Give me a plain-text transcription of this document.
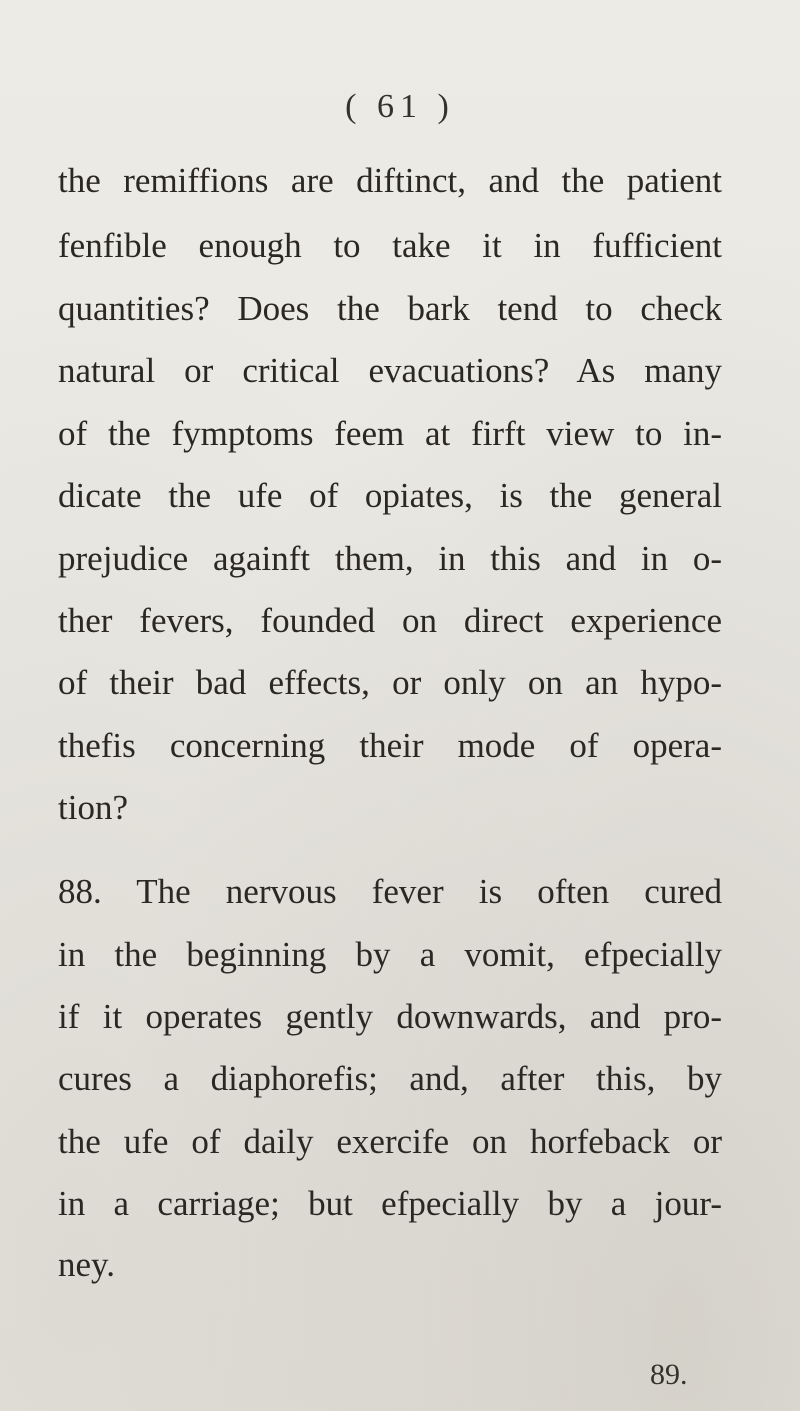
( 61 )
the remiffions are diftinct, and the patient
fenfible enough to take it in fufficient
quantities? Does the bark tend to check
natural or critical evacuations? As many
of the fymptoms feem at firft view to in-
dicate the ufe of opiates, is the general
prejudice againft them, in this and in o-
ther fevers, founded on direct experience
of their bad effects, or only on an hypo-
thefis concerning their mode of opera-
tion?
88. The nervous fever is often cured
in the beginning by a vomit, efpecially
if it operates gently downwards, and pro-
cures a diaphorefis; and, after this, by
the ufe of daily exercife on horfeback or
in a carriage; but efpecially by a jour-
ney.
89.
